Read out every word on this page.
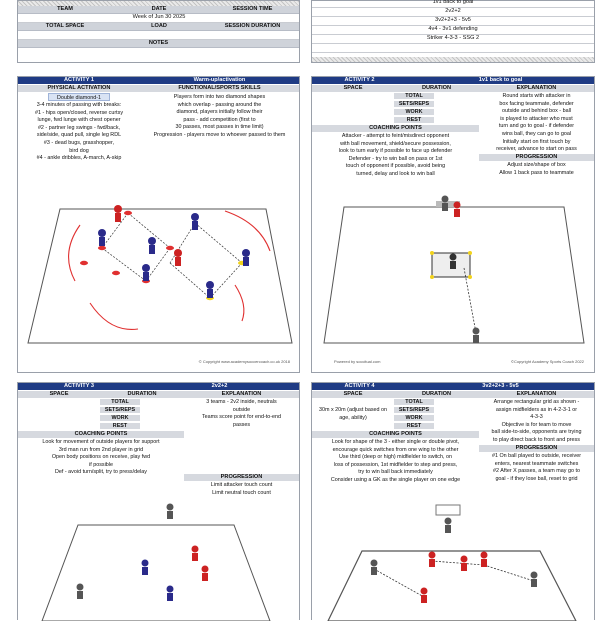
TEAM	DATE	SESSION TIME
Week of Jun 30 2025
TOTAL SPACE	LOAD	SESSION DURATION
NOTES
1v1 back to goal
2v2+2
3v2+2+3 - 5v5
4v4 - 3v1 defending
Striker 4-3-3 - SSG 2
ACTIVITY 1	Warm-up/activation
PHYSICAL ACTIVATION	FUNCTIONAL/SPORTS SKILLS
Double diamond-1
3-4 minutes of passing with breaks:
#1 - hips open/closed, reverse curtsy
lunge, fwd lunge with chest opener
#2 - partner leg swings - fwd/back,
side/side, quad pull, single leg RDL
#3 - dead bugs, grasshopper,
bird dog
#4 - ankle dribbles, A-march, A-skip
Players form into two diamond shapes
which overlap - passing around the
diamond, players initially follow their
pass - add competition (first to
30 passes, most passes in time limit)
Progression - players move to whoever passed to them
© Copyright www.academysoccercoach.co.uk 2018
ACTIVITY 2	1v1 back to goal
SPACE	DURATION	EXPLANATION
TOTAL
SETS/REPS
WORK
REST
COACHING POINTS
Attacker - attempt to feint/misdirect opponent
with ball movement, shield/secure possession,
look to turn early if possible to face up defender
Defender - try to win ball on pass or 1st
touch of opponent if possible, avoid being
turned, delay and look to win ball
Round starts with attacker in
box facing teammate, defender
outside and behind box - ball
is played to attacker who must
turn and go to goal - if defender
wins ball, they can go to goal
Initially start on first touch by
receiver, advance to start on pass
PROGRESSION
Adjust size/shape of box
Allow 1 back pass to teammate
Powered by soccitual.com	©Copyright Academy Sports Coach 2022
ACTIVITY 3	2v2+2
SPACE	DURATION	EXPLANATION
TOTAL
SETS/REPS
WORK
REST
COACHING POINTS
Look for movement of outside players for support
3rd man run from 2nd player in grid
Open body positions on receive, play fwd
if possible
Def - avoid turn/split, try to press/delay
3 teams - 2v2 inside, neutrals
outside
Teams score point for end-to-end
passes
PROGRESSION
Limit attacker touch count
Limit neutral touch count
ACTIVITY 4	3v2+2+3 - 5v5
SPACE	DURATION	EXPLANATION
30m x 20m (adjust based on
age, ability)
TOTAL
SETS/REPS
WORK
REST
COACHING POINTS
Look for shape of the 3 - either single or double pivot,
encourage quick switches from one wing to the other
Use third (deep or high) midfielder to switch, on
loss of possession, 1st midfielder to step and press,
try to win ball back immediately
Consider using a GK as the single player on one edge
Arrange rectangular grid as shown -
assign midfielders as in 4-2-3-1 or
4-3-3
Objective is for team to move
ball side-to-side, opponents are trying
to play direct back to front and press
PROGRESSION
#1 On ball played to outside, receiver
enters, nearest teammate switches
#2 After X passes, a team may go to
goal - if they lose ball, reset to grid
